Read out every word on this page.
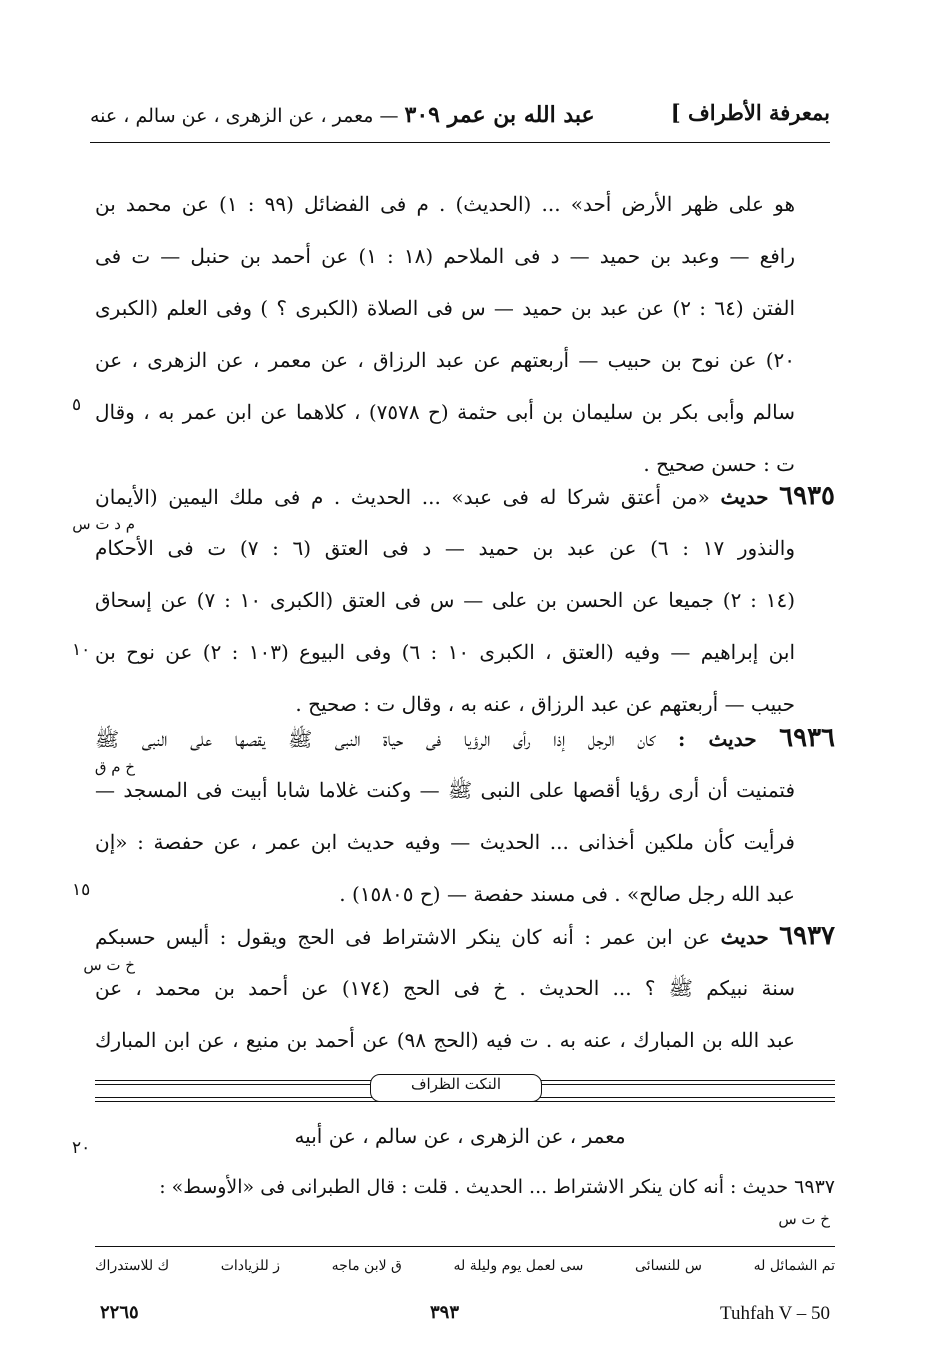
بمعرفة الأطراف ]
عبد الله بن عمر ٣٠٩ — معمر ، عن الزهرى ، عن سالم ، عنه
هو على ظهر الأرض أحد» ... (الحديث) . م فى الفضائل (٩٩ : ١) عن محمد بن
رافع — وعبد بن حميد — د فى الملاحم (١٨ : ١) عن أحمد بن حنبل — ت فى
الفتن (٦٤ : ٢) عن عبد بن حميد — س فى الصلاة (الكبرى ؟ ) وفى العلم (الكبرى
٢٠) عن نوح بن حبيب — أربعتهم عن عبد الرزاق ، عن معمر ، عن الزهرى ، عن
سالم وأبى بكر بن سليمان بن أبى حثمة (ح ٧٥٧٨) ، كلاهما عن ابن عمر به ، وقال
ت : حسن صحيح .
٦٩٣٥ حديث «من أعتق شركا له فى عبد» ... الحديث . م فى ملك اليمين (الأيمان
والنذور ١٧ : ٦) عن عبد بن حميد — د فى العتق (٦ : ٧) ت فى الأحكام
(١٤ : ٢) جميعا عن الحسن بن على — س فى العتق (الكبرى ١٠ : ٧) عن إسحاق
ابن إبراهيم — وفيه (العتق ، الكبرى ١٠ : ٦) وفى البيوع (١٠٣ : ٢) عن نوح بن
حبيب — أربعتهم عن عبد الرزاق ، عنه به ، وقال ت : صحيح .
م د ت س
٦٩٣٦ حديث : كان الرجل إذا رأى الرؤيا فى حياة النبى ﷺ يقصها على النبى ﷺ
فتمنيت أن أرى رؤيا أقصها على النبى ﷺ — وكنت غلاما شابا أبيت فى المسجد —
فرأيت كأن ملكين أخذانى ... الحديث — وفيه حديث ابن عمر ، عن حفصة : «إن
عبد الله رجل صالح» . فى مسند حفصة — (ح ١٥٨٠٥) .
خ م ق
٦٩٣٧ حديث عن ابن عمر : أنه كان ينكر الاشتراط فى الحج ويقول : أليس حسبكم
سنة نبيكم ﷺ ؟ ... الحديث . خ فى الحج (١٧٤) عن أحمد بن محمد ، عن
عبد الله بن المبارك ، عنه به . ت فيه (الحج ٩٨) عن أحمد بن منيع ، عن ابن المبارك
خ ت س
٥
١٠
١٥
٢٠
النكت الظراف
معمر ، عن الزهرى ، عن سالم ، عن أبيه
٦٩٣٧ حديث : أنه كان ينكر الاشتراط ... الحديث . قلت : قال الطبرانى فى «الأوسط» :
خ ت س
تم الشمائل له
س للنسائى
سى لعمل يوم وليلة له
ق لابن ماجه
ز للزيادات
ك للاستدراك
٢٢٦٥	٣٩٣	Tuhfah V – 50
